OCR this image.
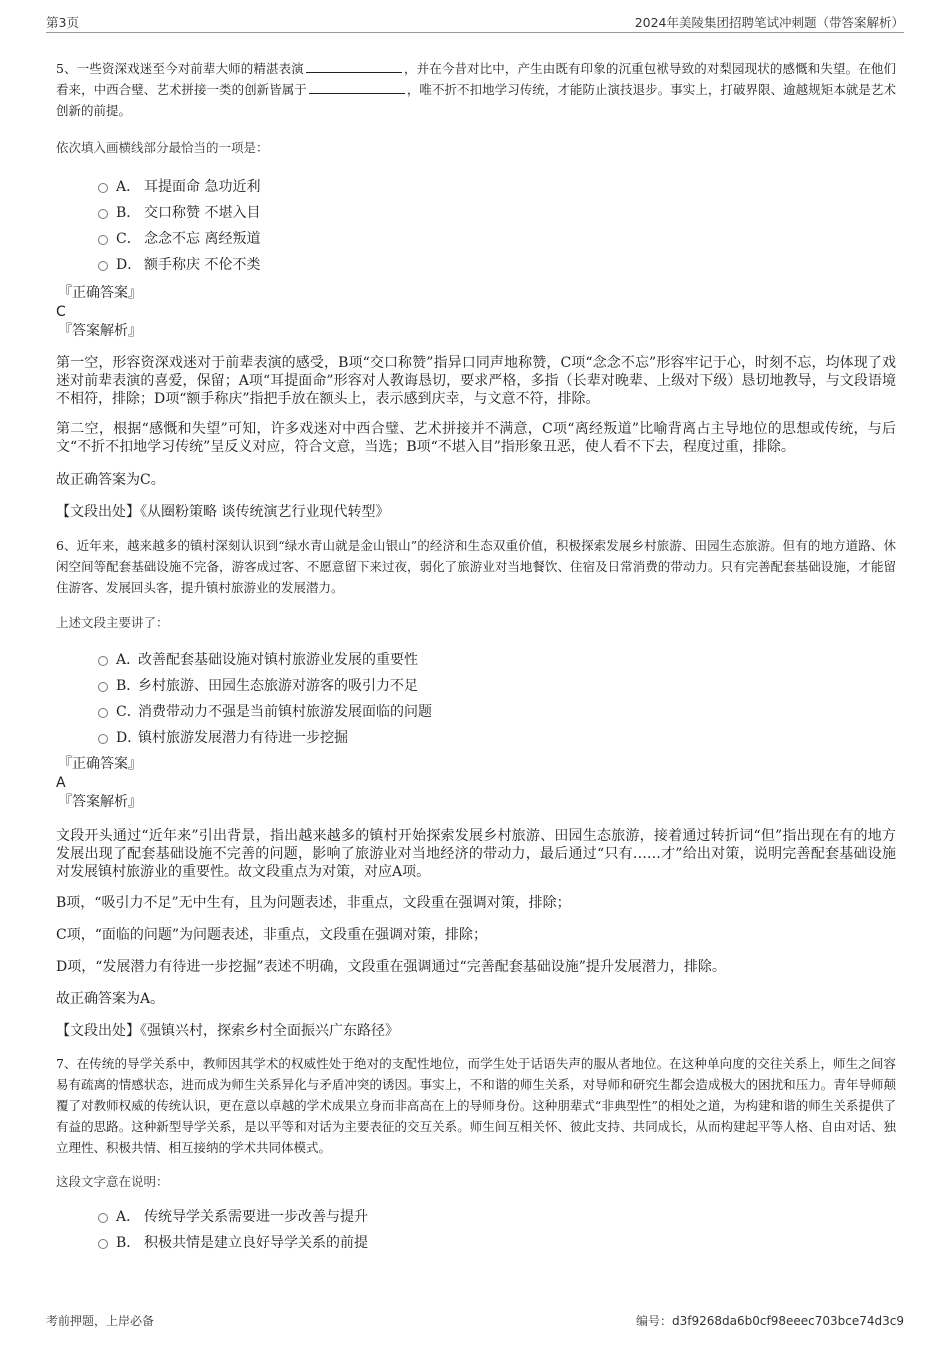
第3页	2024年美陵集团招聘笔试冲刺题（带答案解析）

5、一些资深戏迷至今对前辈大师的精湛表演	，并在今昔对比中，产生由既有印象的沉重包袱导致的对梨园现状的感慨和失望。在他们看来，中西合璧、艺术拼接一类的创新皆属于	，唯不折不扣地学习传统，才能防止演技退步。事实上，打破界限、逾越规矩本就是艺术创新的前提。

依次填入画横线部分最恰当的一项是：

A． 耳提面命 急功近利
B． 交口称赞 不堪入目
C． 念念不忘 离经叛道
D． 额手称庆 不伦不类

『正确答案』

C

『答案解析』

第一空，形容资深戏迷对于前辈表演的感受，B项“交口称赞”指异口同声地称赞，C项“念念不忘”形容牢记于心，时刻不忘，均体现了戏迷对前辈表演的喜爱，保留；A项“耳提面命”形容对人教诲恳切，要求严格，多指（长辈对晚辈、上级对下级）恳切地教导，与文段语境不相符，排除；D项“额手称庆”指把手放在额头上，表示感到庆幸，与文意不符，排除。

第二空，根据“感慨和失望”可知，许多戏迷对中西合璧、艺术拼接并不满意，C项“离经叛道”比喻背离占主导地位的思想或传统，与后文“不折不扣地学习传统”呈反义对应，符合文意，当选；B项“不堪入目”指形象丑恶，使人看不下去，程度过重，排除。

故正确答案为C。

【文段出处】《从圈粉策略 谈传统演艺行业现代转型》

6、近年来，越来越多的镇村深刻认识到“绿水青山就是金山银山”的经济和生态双重价值，积极探索发展乡村旅游、田园生态旅游。但有的地方道路、休闲空间等配套基础设施不完备，游客成过客、不愿意留下来过夜，弱化了旅游业对当地餐饮、住宿及日常消费的带动力。只有完善配套基础设施，才能留住游客、发展回头客，提升镇村旅游业的发展潜力。

上述文段主要讲了：

A．改善配套基础设施对镇村旅游业发展的重要性
B．乡村旅游、田园生态旅游对游客的吸引力不足
C．消费带动力不强是当前镇村旅游发展面临的问题
D．镇村旅游发展潜力有待进一步挖掘

『正确答案』

A

『答案解析』

文段开头通过“近年来”引出背景，指出越来越多的镇村开始探索发展乡村旅游、田园生态旅游，接着通过转折词“但”指出现在有的地方发展出现了配套基础设施不完善的问题，影响了旅游业对当地经济的带动力，最后通过“只有……才”给出对策，说明完善配套基础设施对发展镇村旅游业的重要性。故文段重点为对策，对应A项。

B项，“吸引力不足”无中生有，且为问题表述，非重点，文段重在强调对策，排除；

C项，“面临的问题”为问题表述，非重点，文段重在强调对策，排除；

D项，“发展潜力有待进一步挖掘”表述不明确，文段重在强调通过“完善配套基础设施”提升发展潜力，排除。

故正确答案为A。

【文段出处】《强镇兴村，探索乡村全面振兴广东路径》

7、在传统的导学关系中，教师因其学术的权威性处于绝对的支配性地位，而学生处于话语失声的服从者地位。在这种单向度的交往关系上，师生之间容易有疏离的情感状态，进而成为师生关系异化与矛盾冲突的诱因。事实上，不和谐的师生关系，对导师和研究生都会造成极大的困扰和压力。青年导师颠覆了对教师权威的传统认识，更在意以卓越的学术成果立身而非高高在上的导师身份。这种朋辈式“非典型性”的相处之道，为构建和谐的师生关系提供了有益的思路。这种新型导学关系，是以平等和对话为主要表征的交互关系。师生间互相关怀、彼此支持、共同成长，从而构建起平等人格、自由对话、独立理性、积极共情、相互接纳的学术共同体模式。

这段文字意在说明：

A． 传统导学关系需要进一步改善与提升
B． 积极共情是建立良好导学关系的前提
考前押题，上岸必备	编号：d3f9268da6b0cf98eeec703bce74d3c9
